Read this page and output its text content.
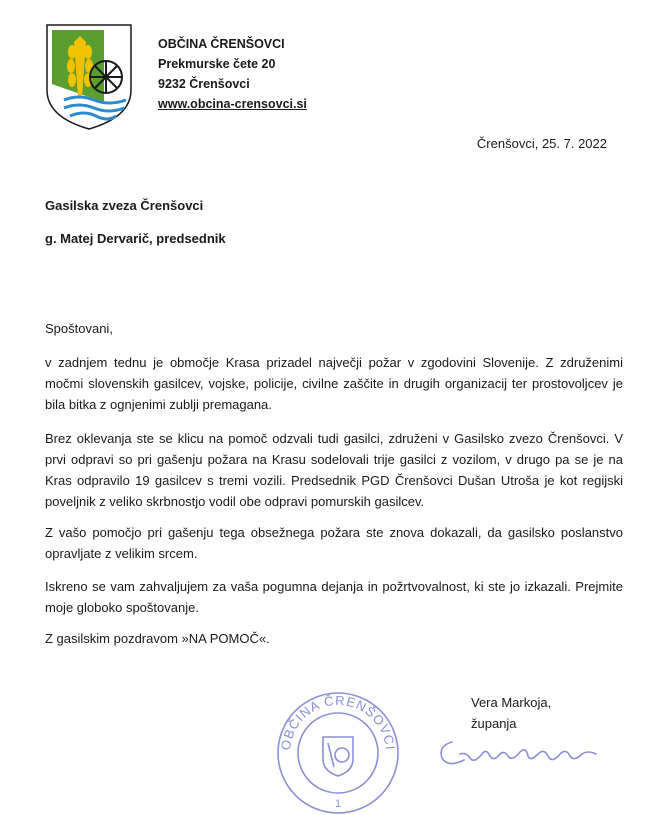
OBČINA ČRENŠOVCI
Prekmurske čete 20
9232 Črenšovci
www.obcina-crensovci.si
Črenšovci, 25. 7. 2022
Gasilska zveza Črenšovci
g. Matej Dervarič, predsednik

Spoštovani,

v zadnjem tednu je območje Krasa prizadel največji požar v zgodovini Slovenije. Z združenimi močmi slovenskih gasilcev, vojske, policije, civilne zaščite in drugih organizacij ter prostovoljcev je bila bitka z ognjenimi zublji premagana.

Brez oklevanja ste se klicu na pomoč odzvali tudi gasilci, združeni v Gasilsko zvezo Črenšovci. V prvi odpravi so pri gašenju požara na Krasu sodelovali trije gasilci z vozilom, v drugo pa se je na Kras odpravilo 19 gasilcev s tremi vozili. Predsednik PGD Črenšovci Dušan Utroša je kot regijski poveljnik z veliko skrbnostjo vodil obe odpravi pomurskih gasilcev.

Z vašo pomočjo pri gašenju tega obsežnega požara ste znova dokazali, da gasilsko poslanstvo opravljate z velikim srcem.

Iskreno se vam zahvaljujem za vaša pogumna dejanja in požrtvovalnost, ki ste jo izkazali. Prejmite moje globoko spoštovanje.

Z gasilskim pozdravom »NA POMOČ«.

OBČINA ČRENŠOVCI
1
Vera Markoja,
županja
